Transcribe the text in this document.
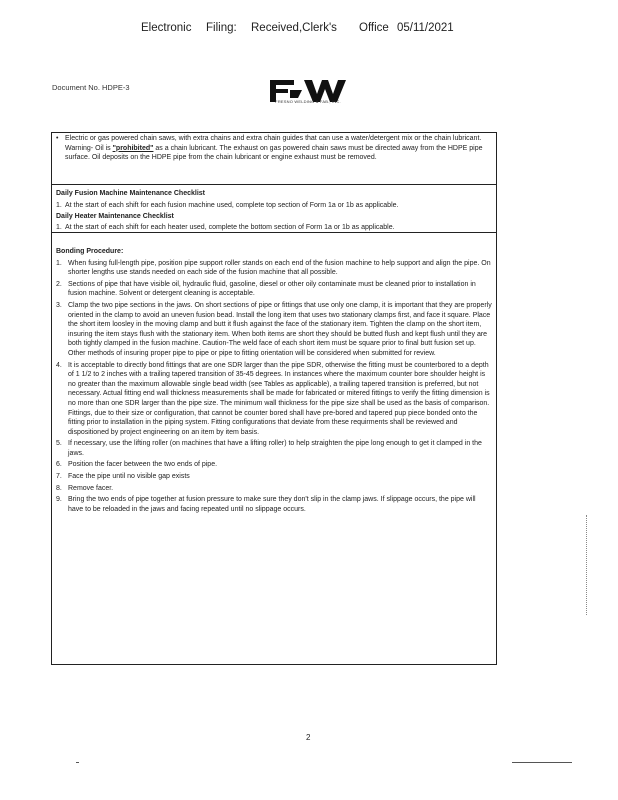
Electronic Filing: Received,Clerk's Office 05/11/2021
Document No. HDPE-3
FRESNO WELDING & FAB., INC.
• Electric or gas powered chain saws, with extra chains and extra chain guides that can use a water/detergent mix or the chain lubricant. Warning- Oil is "prohibited" as a chain lubricant. The exhaust on gas powered chain saws must be directed away from the HDPE pipe surface. Oil deposits on the HDPE pipe from the chain lubricant or engine exhaust must be removed.
Daily Fusion Machine Maintenance Checklist
1. At the start of each shift for each fusion machine used, complete top section of Form 1a or 1b as applicable.
Daily Heater Maintenance Checklist
1. At the start of each shift for each heater used, complete the bottom section of Form 1a or 1b as applicable.
Bonding Procedure:
1. When fusing full-length pipe, position pipe support roller stands on each end of the fusion machine to help support and align the pipe. On shorter lengths use stands needed on each side of the fusion machine that all possible.
2. Sections of pipe that have visible oil, hydraulic fluid, gasoline, diesel or other oily contaminate must be cleaned prior to installation in fusion machine. Solvent or detergent cleaning is acceptable.
3. Clamp the two pipe sections in the jaws. On short sections of pipe or fittings that use only one clamp, it is important that they are properly oriented in the clamp to avoid an uneven fusion bead. Install the long item that uses two stationary clamps first, and face it square. Place the short item loosley in the moving clamp and butt it flush against the face of the stationary item. Tighten the clamp on the short item, insuring the item stays flush with the stationary item. When both items are short they should be butted flush and kept flush until they are both tightly clamped in the fusion machine. Caution-The weld face of each short item must be square prior to final butt fusion set up. Other methods of insuring proper pipe to pipe or pipe to fitting orientation will be considered when submitted for review.
4. It is acceptable to directly bond fittings that are one SDR larger than the pipe SDR, otherwise the fitting must be counterbored to a depth of 1 1/2 to 2 inches with a trailing tapered transition of 35-45 degrees. In instances where the maximum counter bore shoulder height is no greater than the maximum allowable single bead width (see Tables as applicable), a trailing tapered transition is preferred, but not necessary. Actual fitting end wall thickness measurements shall be made for fabricated or mitered fittings to verify the fitting dimension is no more than one SDR larger than the pipe size. The minimum wall thickness for the pipe size shall be used as the basis of comparison. Fittings, due to their size or configuration, that cannot be counter bored shall have pre-bored and tapered pup piece bonded onto the fitting prior to installation in the piping system. Fitting configurations that deviate from these requirments shall be reviewed and dispositioned by project engineering on an item by item basis.
5. If necessary, use the lifting roller (on machines that have a lifting roller) to help straighten the pipe long enough to get it clamped in the jaws.
6. Position the facer between the two ends of pipe.
7. Face the pipe until no visible gap exists
8. Remove facer.
9. Bring the two ends of pipe together at fusion pressure to make sure they don't slip in the clamp jaws. If slippage occurs, the pipe will have to be reloaded in the jaws and facing repeated until no slippage occurs.
2
